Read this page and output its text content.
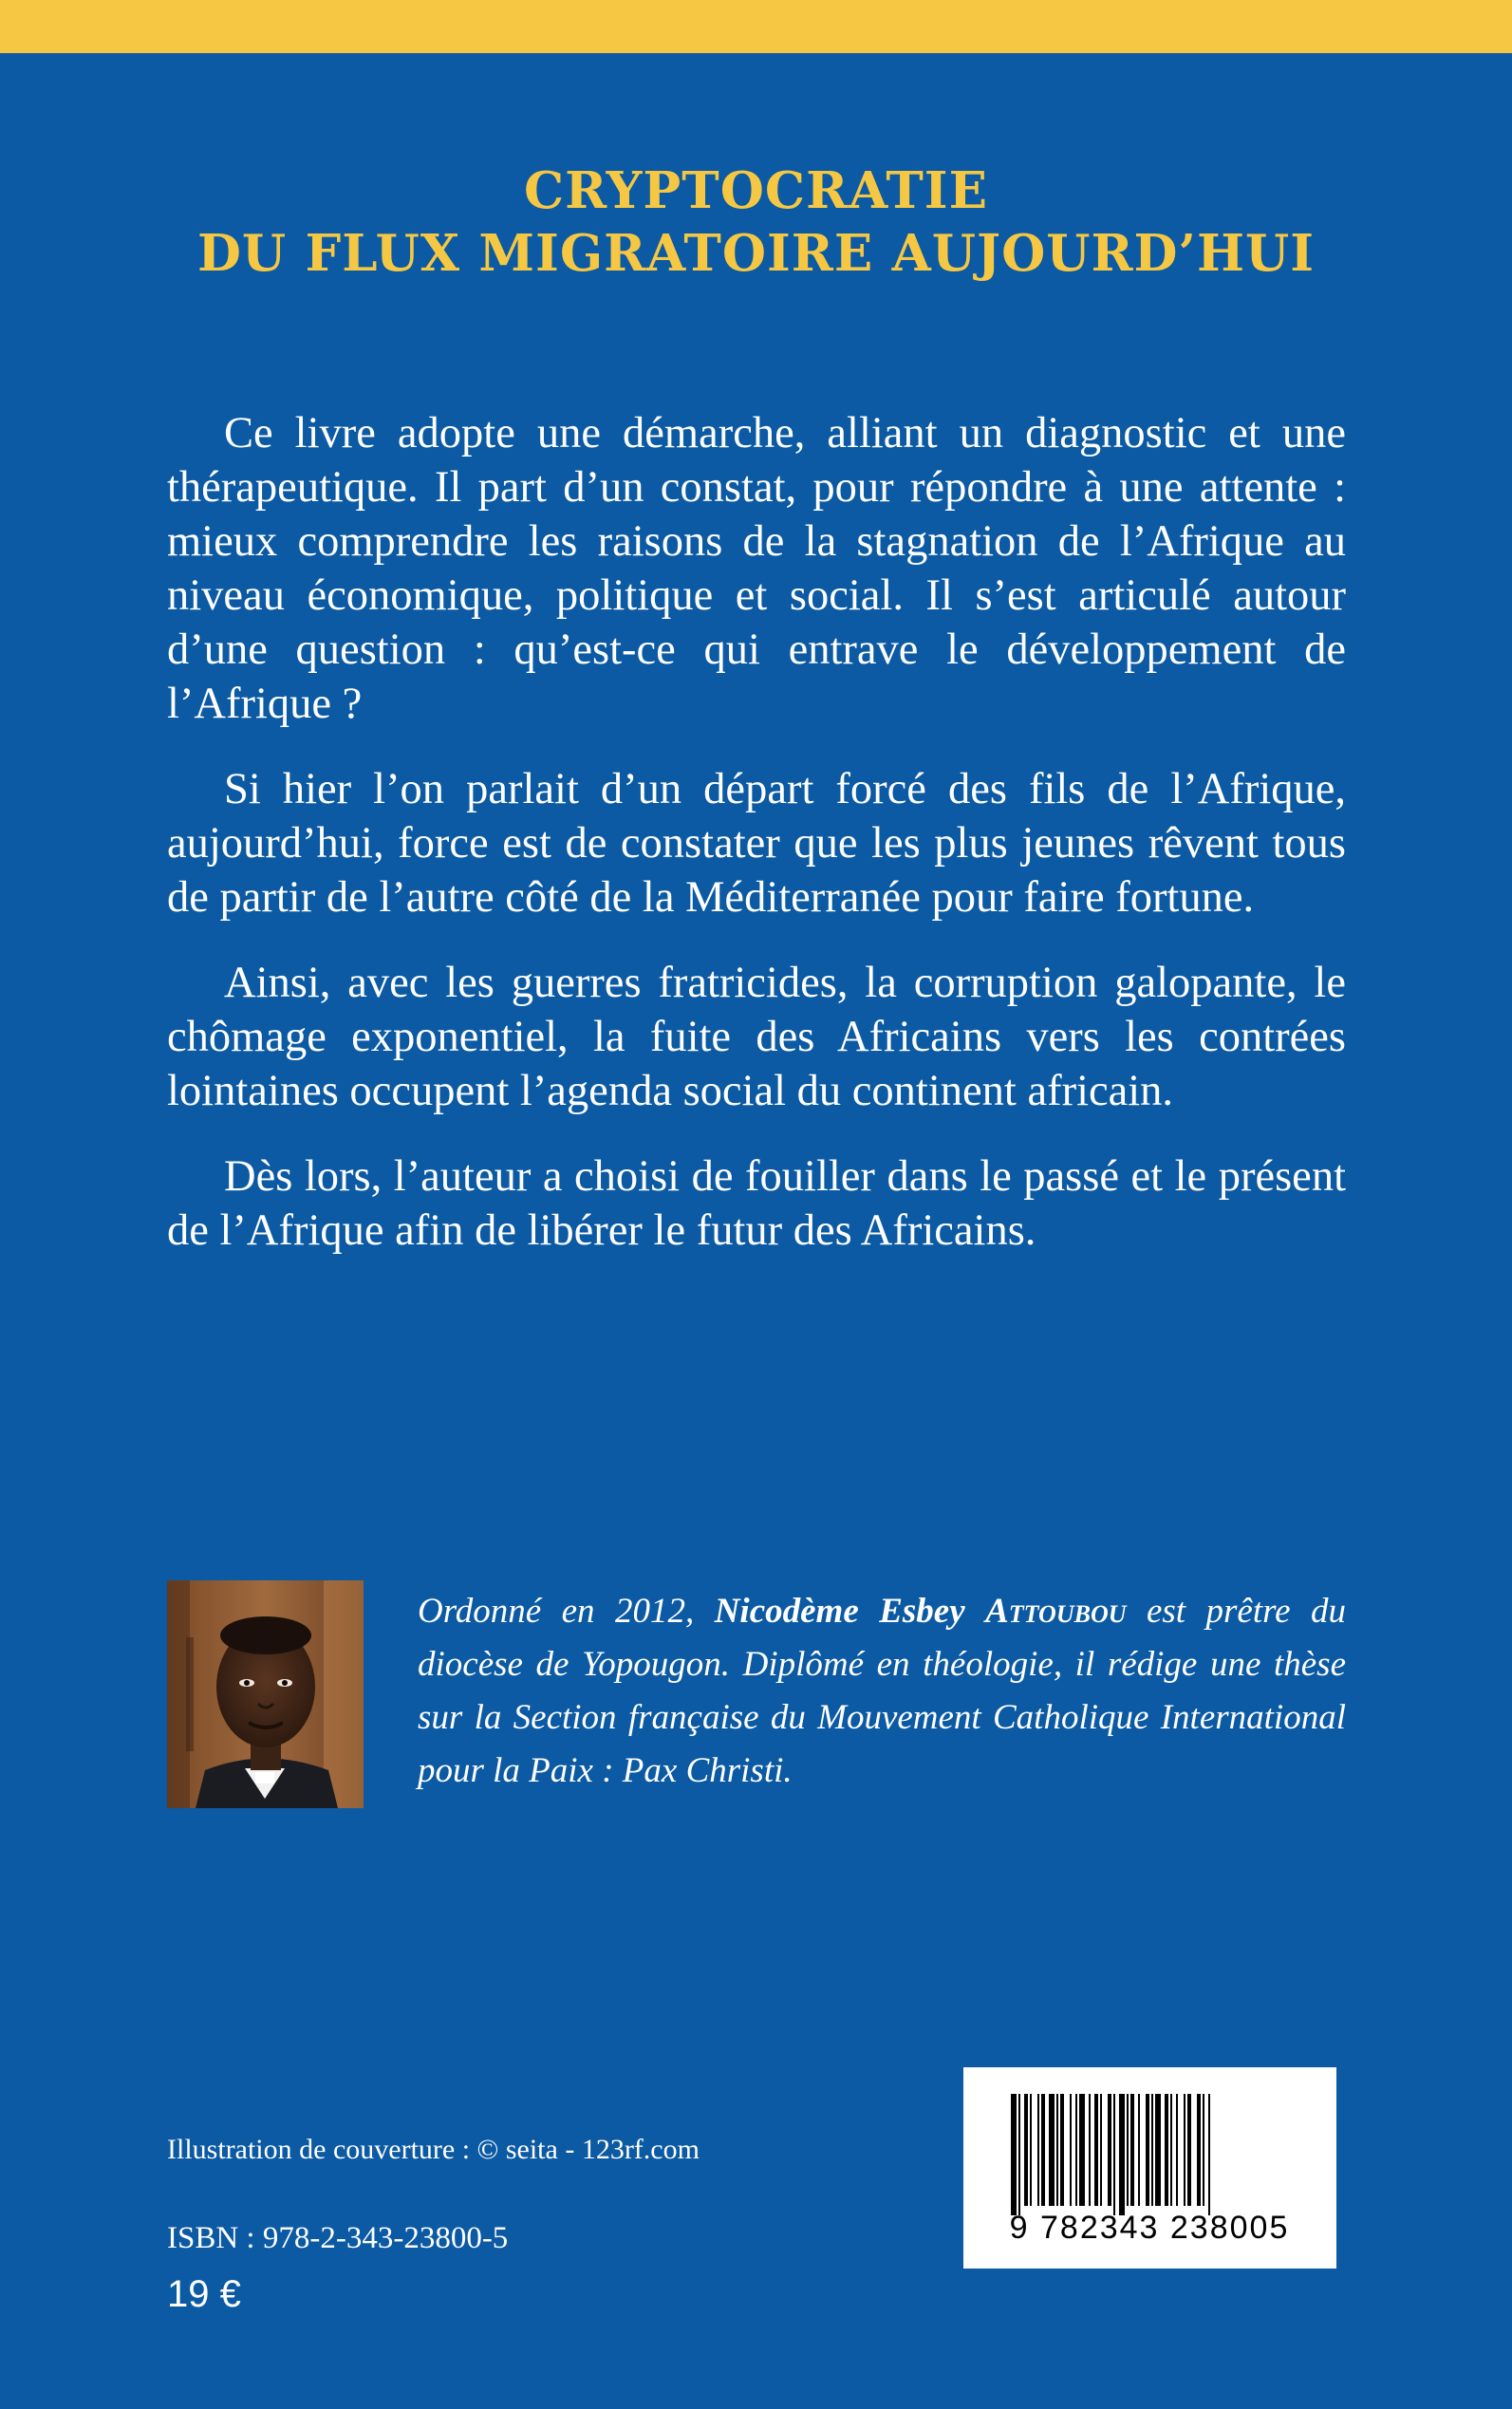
CRYPTOCRATIE
DU FLUX MIGRATOIRE AUJOURD’HUI

Ce livre adopte une démarche, alliant un diagnostic et une thérapeutique. Il part d’un constat, pour répondre à une attente : mieux comprendre les raisons de la stagnation de l’Afrique au niveau économique, politique et social. Il s’est articulé autour d’une question : qu’est-ce qui entrave le développement de l’Afrique ?

Si hier l’on parlait d’un départ forcé des fils de l’Afrique, aujourd’hui, force est de constater que les plus jeunes rêvent tous de partir de l’autre côté de la Méditerranée pour faire fortune.

Ainsi, avec les guerres fratricides, la corruption galopante, le chômage exponentiel, la fuite des Africains vers les contrées lointaines occupent l’agenda social du continent africain.

Dès lors, l’auteur a choisi de fouiller dans le passé et le présent de l’Afrique afin de libérer le futur des Africains.

Ordonné en 2012, Nicodème Esbey Attoubou est prêtre du diocèse de Yopougon. Diplômé en théologie, il rédige une thèse sur la Section française du Mouvement Catholique International pour la Paix : Pax Christi.
Illustration de couverture : © seita - 123rf.com
ISBN : 978-2-343-23800-5
19 €
9 782343 238005
